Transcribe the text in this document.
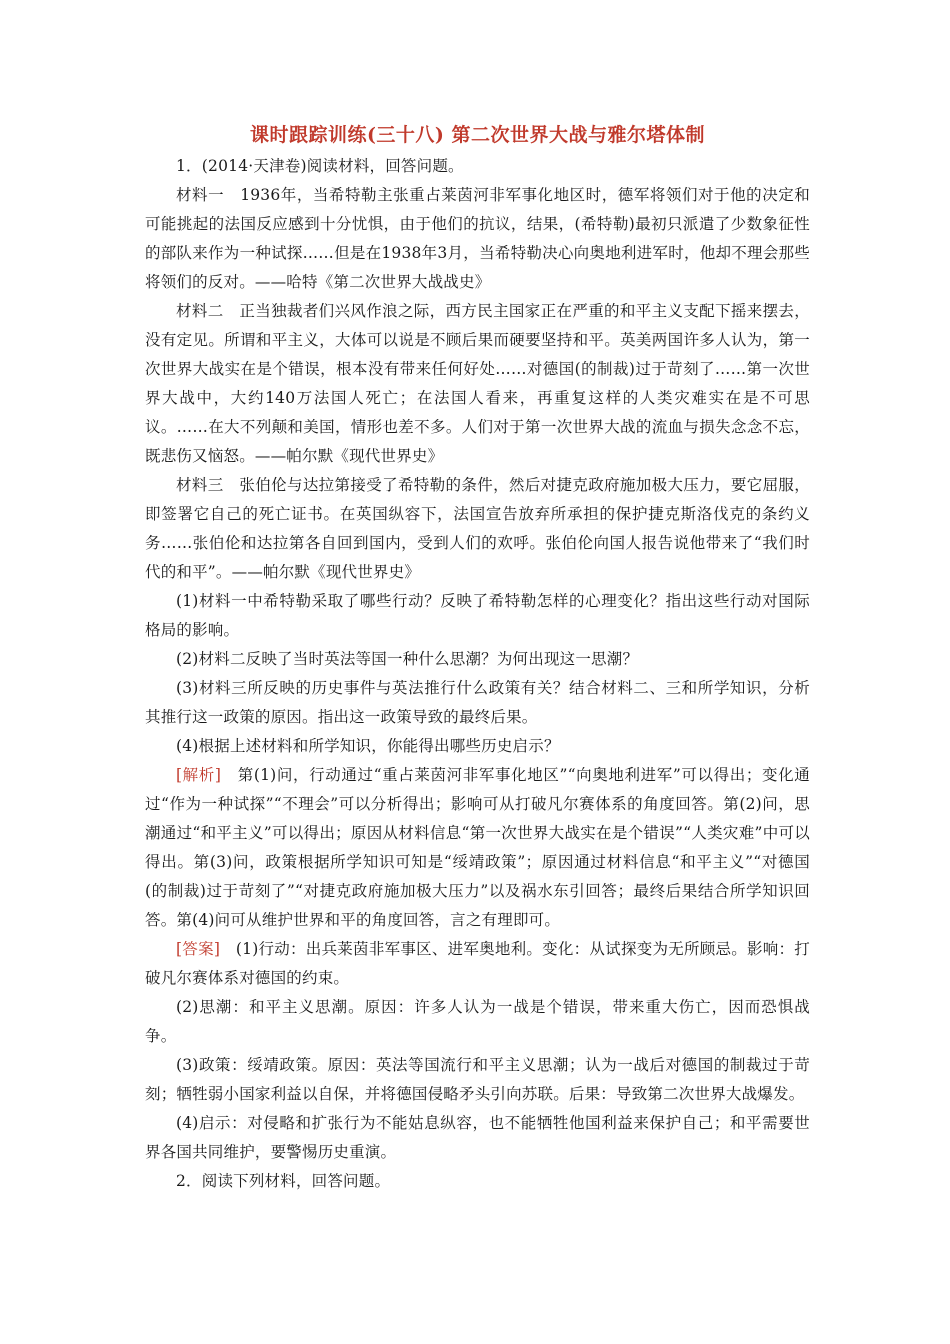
课时跟踪训练(三十八) 第二次世界大战与雅尔塔体制

1．(2014·天津卷)阅读材料，回答问题。

材料一　1936年，当希特勒主张重占莱茵河非军事化地区时，德军将领们对于他的决定和可能挑起的法国反应感到十分忧惧，由于他们的抗议，结果，(希特勒)最初只派遣了少数象征性的部队来作为一种试探……但是在1938年3月，当希特勒决心向奥地利进军时，他却不理会那些将领们的反对。——哈特《第二次世界大战战史》

材料二　正当独裁者们兴风作浪之际，西方民主国家正在严重的和平主义支配下摇来摆去，没有定见。所谓和平主义，大体可以说是不顾后果而硬要坚持和平。英美两国许多人认为，第一次世界大战实在是个错误，根本没有带来任何好处……对德国(的制裁)过于苛刻了……第一次世界大战中，大约140万法国人死亡；在法国人看来，再重复这样的人类灾难实在是不可思议。……在大不列颠和美国，情形也差不多。人们对于第一次世界大战的流血与损失念念不忘，既悲伤又恼怒。——帕尔默《现代世界史》

材料三　张伯伦与达拉第接受了希特勒的条件，然后对捷克政府施加极大压力，要它屈服，即签署它自己的死亡证书。在英国纵容下，法国宣告放弃所承担的保护捷克斯洛伐克的条约义务……张伯伦和达拉第各自回到国内，受到人们的欢呼。张伯伦向国人报告说他带来了“我们时代的和平”。——帕尔默《现代世界史》

(1)材料一中希特勒采取了哪些行动？反映了希特勒怎样的心理变化？指出这些行动对国际格局的影响。

(2)材料二反映了当时英法等国一种什么思潮？为何出现这一思潮？

(3)材料三所反映的历史事件与英法推行什么政策有关？结合材料二、三和所学知识，分析其推行这一政策的原因。指出这一政策导致的最终后果。

(4)根据上述材料和所学知识，你能得出哪些历史启示？

[解析]　第(1)问，行动通过“重占莱茵河非军事化地区”“向奥地利进军”可以得出；变化通过“作为一种试探”“不理会”可以分析得出；影响可从打破凡尔赛体系的角度回答。第(2)问，思潮通过“和平主义”可以得出；原因从材料信息“第一次世界大战实在是个错误”“人类灾难”中可以得出。第(3)问，政策根据所学知识可知是“绥靖政策”；原因通过材料信息“和平主义”“对德国(的制裁)过于苛刻了”“对捷克政府施加极大压力”以及祸水东引回答；最终后果结合所学知识回答。第(4)问可从维护世界和平的角度回答，言之有理即可。

[答案]　(1)行动：出兵莱茵非军事区、进军奥地利。变化：从试探变为无所顾忌。影响：打破凡尔赛体系对德国的约束。

(2)思潮：和平主义思潮。原因：许多人认为一战是个错误，带来重大伤亡，因而恐惧战争。

(3)政策：绥靖政策。原因：英法等国流行和平主义思潮；认为一战后对德国的制裁过于苛刻；牺牲弱小国家利益以自保，并将德国侵略矛头引向苏联。后果：导致第二次世界大战爆发。

(4)启示：对侵略和扩张行为不能姑息纵容，也不能牺牲他国利益来保护自己；和平需要世界各国共同维护，要警惕历史重演。

2．阅读下列材料，回答问题。
